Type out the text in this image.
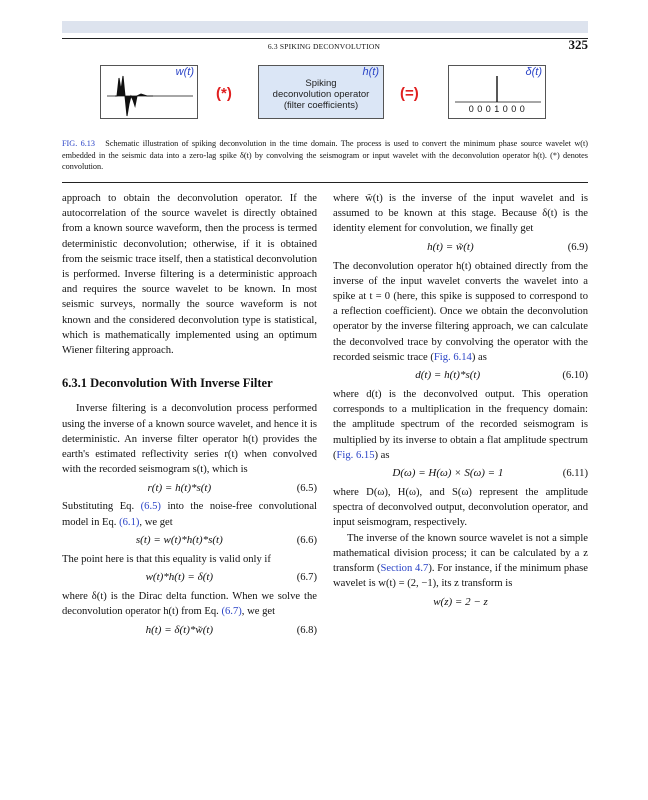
6.3 SPIKING DECONVOLUTION	325
w(t)
(*)
h(t)
Spiking
deconvolution operator
(filter coefficients)
(=)
δ(t)
0 0 0 1 0 0 0
FIG. 6.13 Schematic illustration of spiking deconvolution in the time domain. The process is used to convert the minimum phase source wavelet w(t) embedded in the seismic data into a zero-lag spike δ(t) by convolving the seismogram or input wavelet with the deconvolution operator h(t). (*) denotes convolution.

approach to obtain the deconvolution operator. If the autocorrelation of the source wavelet is directly obtained from a known source waveform, then the process is termed deterministic deconvolution; otherwise, if it is obtained from the seismic trace itself, then a statistical deconvolution is performed. Inverse filtering is a deterministic approach and requires the source wavelet to be known. In most seismic surveys, normally the source waveform is not known and the considered deconvolution type is statistical, which is mathematically implemented using an optimum Wiener filtering approach.

6.3.1 Deconvolution With Inverse Filter

Inverse filtering is a deconvolution process performed using the inverse of a known source wavelet, and hence it is deterministic. An inverse filter operator h(t) provides the earth's estimated reflectivity series r(t) when convolved with the recorded seismogram s(t), which is

r(t) = h(t)*s(t)	(6.5)

Substituting Eq. (6.5) into the noise-free convolutional model in Eq. (6.1), we get

s(t) = w(t)*h(t)*s(t)	(6.6)

The point here is that this equality is valid only if

w(t)*h(t) = δ(t)	(6.7)

where δ(t) is the Dirac delta function. When we solve the deconvolution operator h(t) from Eq. (6.7), we get

h(t) = δ(t)*w̃(t)	(6.8)

where w̃(t) is the inverse of the input wavelet and is assumed to be known at this stage. Because δ(t) is the identity element for convolution, we finally get

h(t) = w̃(t)	(6.9)

The deconvolution operator h(t) obtained directly from the inverse of the input wavelet converts the wavelet into a spike at t = 0 (here, this spike is supposed to correspond to a reflection coefficient). Once we obtain the deconvolution operator by the inverse filtering approach, we can calculate the deconvolved trace by convolving the operator with the recorded seismic trace (Fig. 6.14) as

d(t) = h(t)*s(t)	(6.10)

where d(t) is the deconvolved output. This operation corresponds to a multiplication in the frequency domain: the amplitude spectrum of the recorded seismogram is multiplied by its inverse to obtain a flat amplitude spectrum (Fig. 6.15) as

D(ω) = H(ω) × S(ω) = 1	(6.11)

where D(ω), H(ω), and S(ω) represent the amplitude spectra of deconvolved output, deconvolution operator, and input seismogram, respectively.

The inverse of the known source wavelet is not a simple mathematical division process; it can be calculated by a z transform (Section 4.7). For instance, if the minimum phase wavelet is w(t) = (2, −1), its z transform is

w(z) = 2 − z
